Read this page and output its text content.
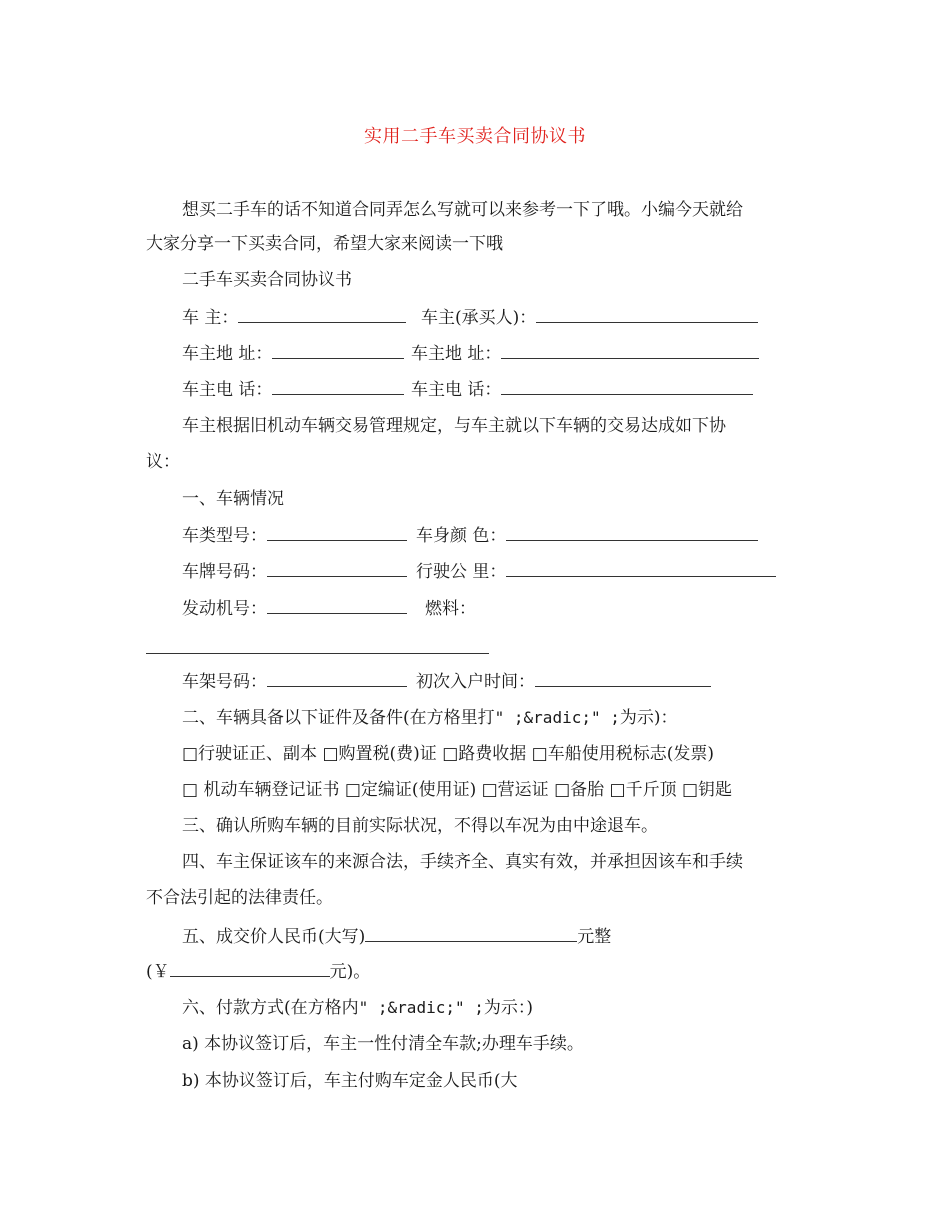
实用二手车买卖合同协议书
想买二手车的话不知道合同弄怎么写就可以来参考一下了哦。小编今天就给
大家分享一下买卖合同，希望大家来阅读一下哦
二手车买卖合同协议书
车 主：	车主(承买人)：
车主地 址：	车主地 址：
车主电 话：	车主电 话：
车主根据旧机动车辆交易管理规定，与车主就以下车辆的交易达成如下协
议：
一、车辆情况
车类型号：	车身颜 色：
车牌号码：	行驶公 里：
发动机号：	燃料：
车架号码：	初次入户时间：
二、车辆具备以下证件及备件(在方格里打" ;&radic;" ;为示)：
□行驶证正、副本 □购置税(费)证 □路费收据 □车船使用税标志(发票)
□ 机动车辆登记证书 □定编证(使用证) □营运证 □备胎 □千斤顶 □钥匙
三、确认所购车辆的目前实际状况，不得以车况为由中途退车。
四、车主保证该车的来源合法，手续齐全、真实有效，并承担因该车和手续
不合法引起的法律责任。
五、成交价人民币(大写)	元整
(￥	元)。
六、付款方式(在方格内" ;&radic;" ;为示：)
a) 本协议签订后，车主一性付清全车款;办理车手续。
b) 本协议签订后，车主付购车定金人民币(大
